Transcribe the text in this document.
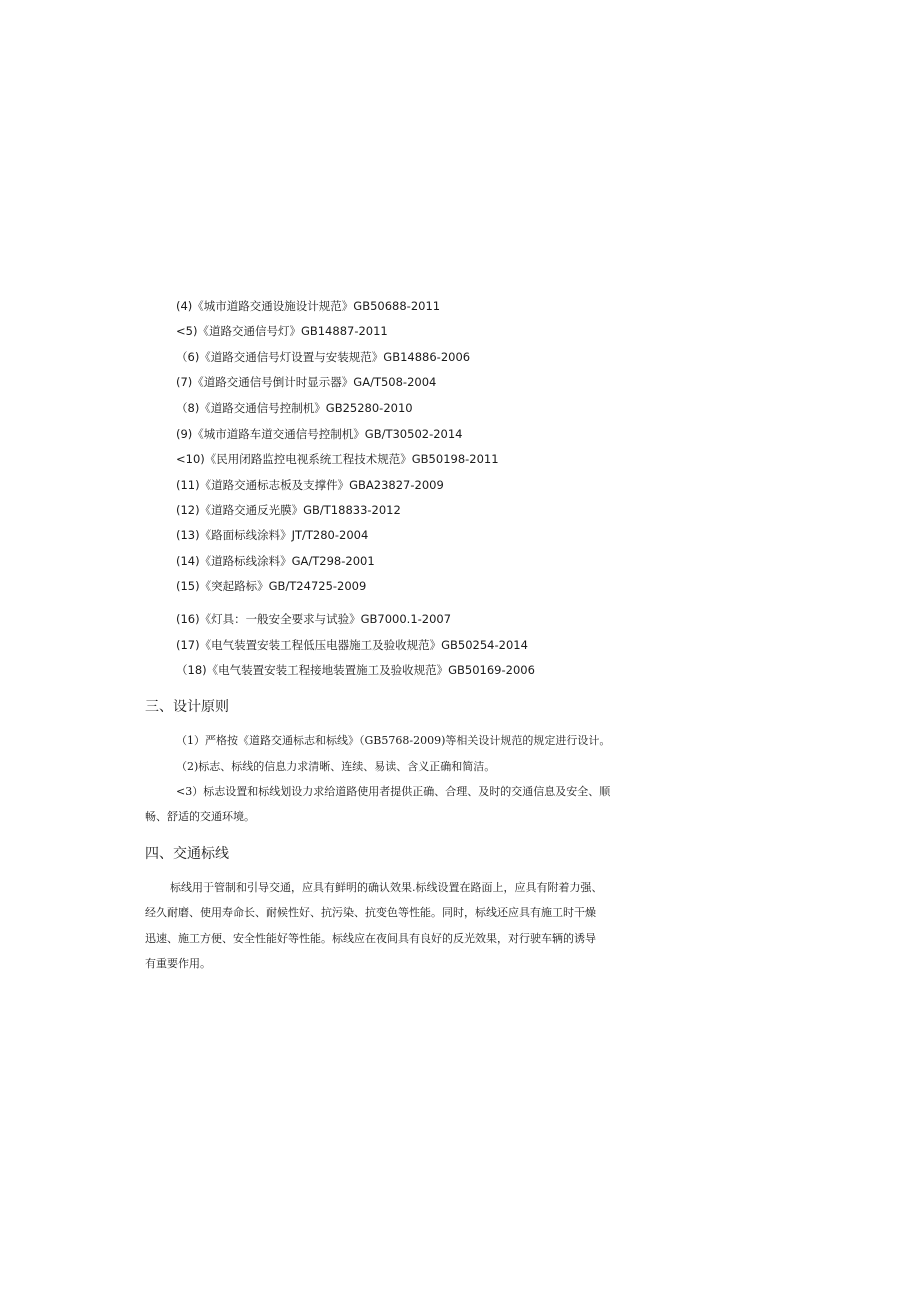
(4)《城市道路交通设施设计规范》GB50688-2011
<5)《道路交通信号灯》GB14887-2011
（6)《道路交通信号灯设置与安装规范》GB14886-2006
(7)《道路交通信号倒计时显示器》GA/T508-2004
（8)《道路交通信号控制机》GB25280-2010
(9)《城市道路车道交通信号控制机》GB/T30502-2014
<10)《民用闭路监控电视系统工程技术规范》GB50198-2011
(11)《道路交通标志板及支撑件》GBA23827-2009
(12)《道路交通反光膜》GB/T18833-2012
(13)《路面标线涂料》JT/T280-2004
(14)《道路标线涂料》GA/T298-2001
(15)《突起路标》GB/T24725-2009
(16)《灯具：一般安全要求与试验》GB7000.1-2007
(17)《电气装置安装工程低压电器施工及验收规范》GB50254-2014
（18)《电气装置安装工程接地装置施工及验收规范》GB50169-2006
三、设计原则
（1）严格按《道路交通标志和标线》（GB5768-2009)等相关设计规范的规定进行设计。
（2)标志、标线的信息力求清晰、连续、易读、含义正确和简洁。
<3）标志设置和标线划设力求给道路使用者提供正确、合理、及时的交通信息及安全、顺
畅、舒适的交通环境。
四、交通标线
标线用于管制和引导交通，应具有鲜明的确认效果.标线设置在路面上，应具有附着力强、
经久耐磨、使用寿命长、耐候性好、抗污染、抗变色等性能。同时，标线还应具有施工时干燥
迅速、施工方便、安全性能好等性能。标线应在夜间具有良好的反光效果，对行驶车辆的诱导
有重要作用。
